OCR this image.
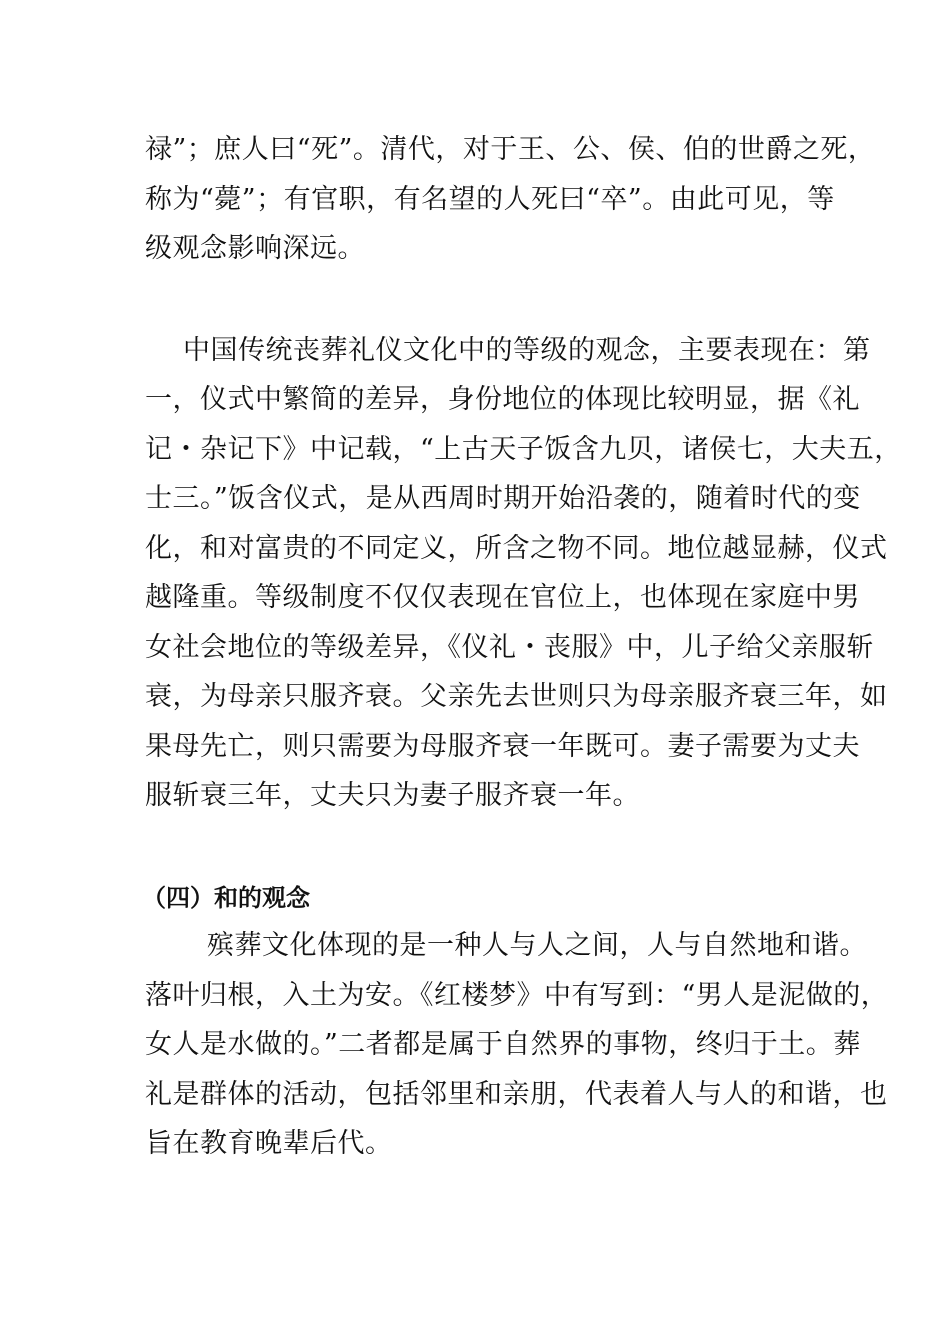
禄”；庶人曰“死”。清代，对于王、公、侯、伯的世爵之死，
称为“薨”；有官职，有名望的人死曰“卒”。由此可见，等
级观念影响深远。
中国传统丧葬礼仪文化中的等级的观念，主要表现在：第
一，仪式中繁简的差异，身份地位的体现比较明显，据《礼
记・杂记下》中记载，“上古天子饭含九贝，诸侯七，大夫五，
士三。”饭含仪式，是从西周时期开始沿袭的，随着时代的变
化，和对富贵的不同定义，所含之物不同。地位越显赫，仪式
越隆重。等级制度不仅仅表现在官位上，也体现在家庭中男
女社会地位的等级差异，《仪礼・丧服》中，儿子给父亲服斩
衰，为母亲只服齐衰。父亲先去世则只为母亲服齐衰三年，如
果母先亡，则只需要为母服齐衰一年既可。妻子需要为丈夫
服斩衰三年，丈夫只为妻子服齐衰一年。
（四）和的观念
殡葬文化体现的是一种人与人之间，人与自然地和谐。
落叶归根，入土为安。《红楼梦》中有写到：“男人是泥做的，
女人是水做的。”二者都是属于自然界的事物，终归于土。葬
礼是群体的活动，包括邻里和亲朋，代表着人与人的和谐，也
旨在教育晚辈后代。
